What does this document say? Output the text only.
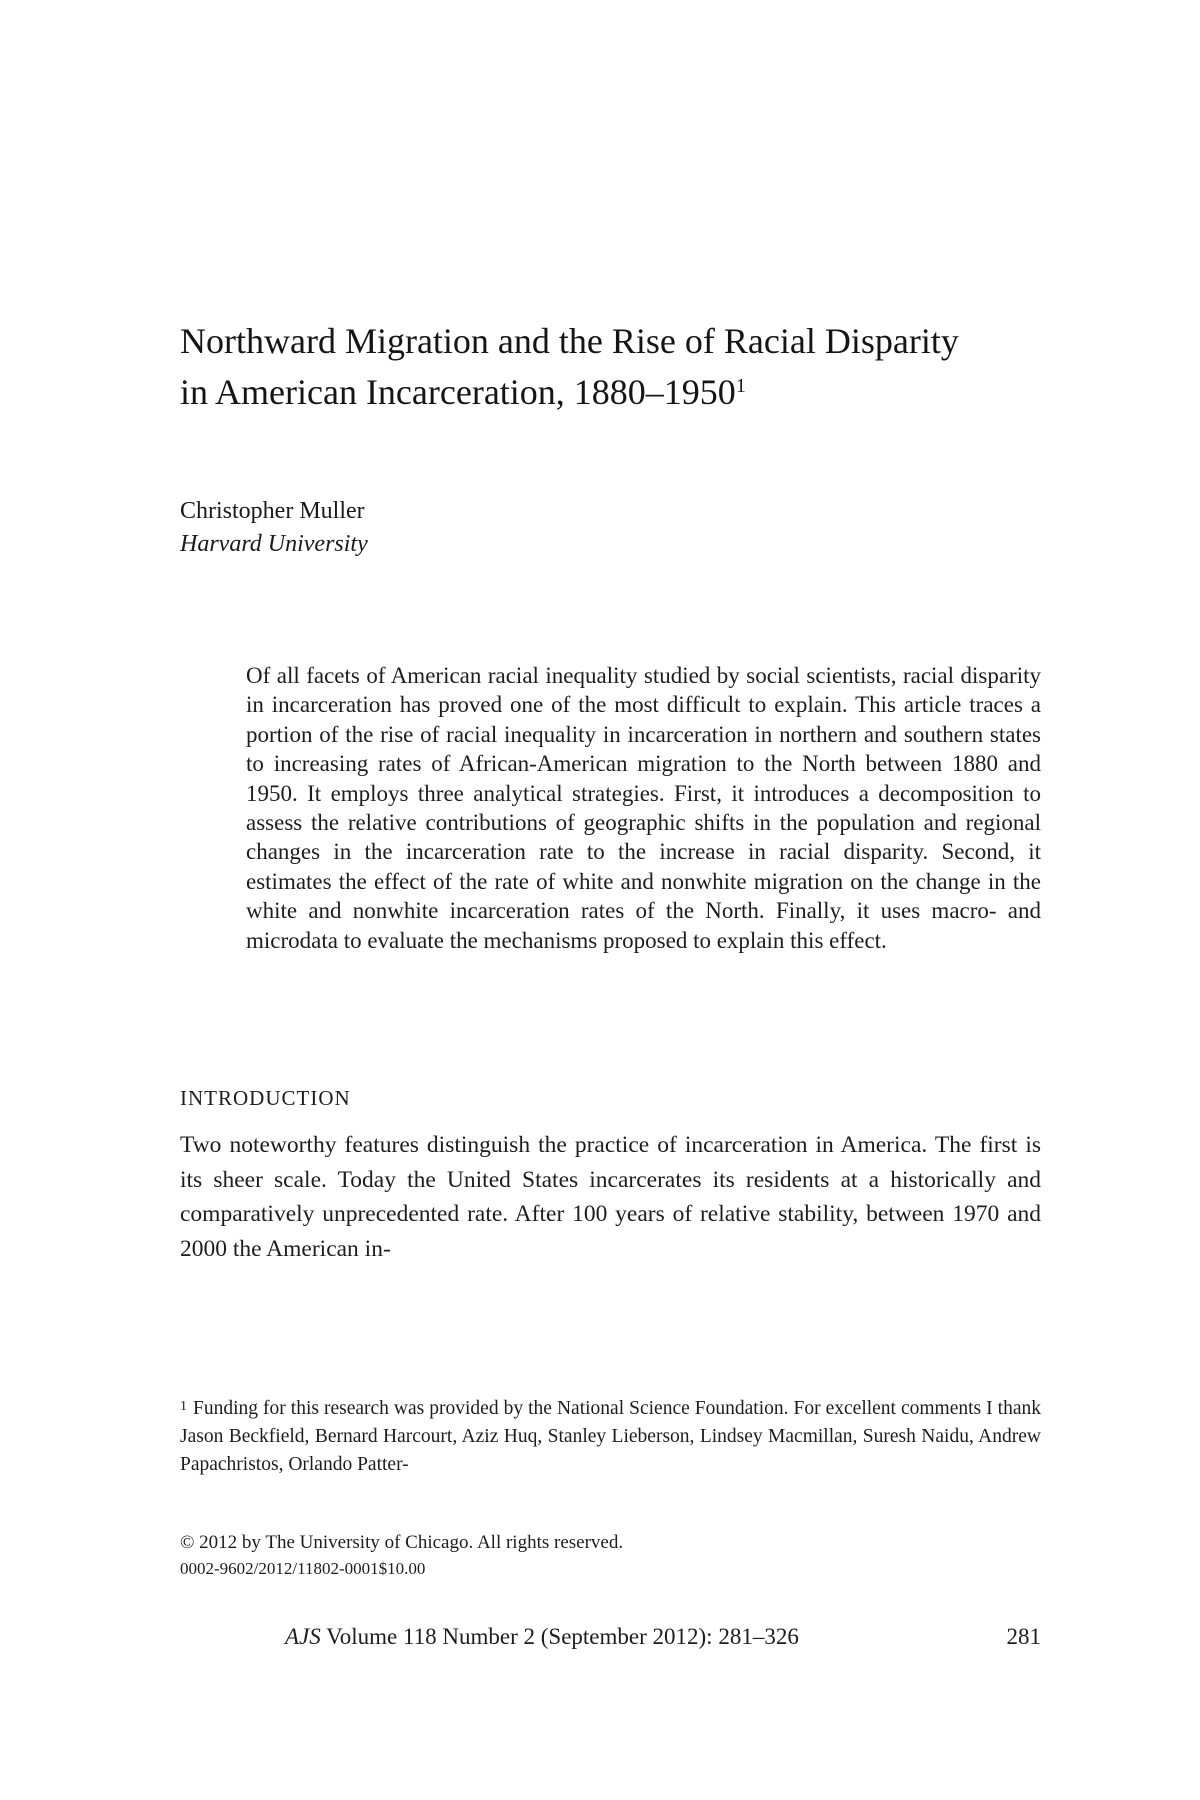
Northward Migration and the Rise of Racial Disparity
in American Incarceration, 1880–1950$^1$
Christopher Muller
Harvard University

Of all facets of American racial inequality studied by social scientists, racial disparity in incarceration has proved one of the most difficult to explain. This article traces a portion of the rise of racial inequality in incarceration in northern and southern states to increasing rates of African-American migration to the North between 1880 and 1950. It employs three analytical strategies. First, it introduces a decomposition to assess the relative contributions of geographic shifts in the population and regional changes in the incarceration rate to the increase in racial disparity. Second, it estimates the effect of the rate of white and nonwhite migration on the change in the white and nonwhite incarceration rates of the North. Finally, it uses macro- and microdata to evaluate the mechanisms proposed to explain this effect.

INTRODUCTION

Two noteworthy features distinguish the practice of incarceration in America. The first is its sheer scale. Today the United States incarcerates its residents at a historically and comparatively unprecedented rate. After 100 years of relative stability, between 1970 and 2000 the American in-

$^1$ Funding for this research was provided by the National Science Foundation. For excellent comments I thank Jason Beckfield, Bernard Harcourt, Aziz Huq, Stanley Lieberson, Lindsey Macmillan, Suresh Naidu, Andrew Papachristos, Orlando Patter-
© 2012 by The University of Chicago. All rights reserved.
0002-9602/2012/11802-0001$10.00
AJS Volume 118 Number 2 (September 2012): 281–326	281
